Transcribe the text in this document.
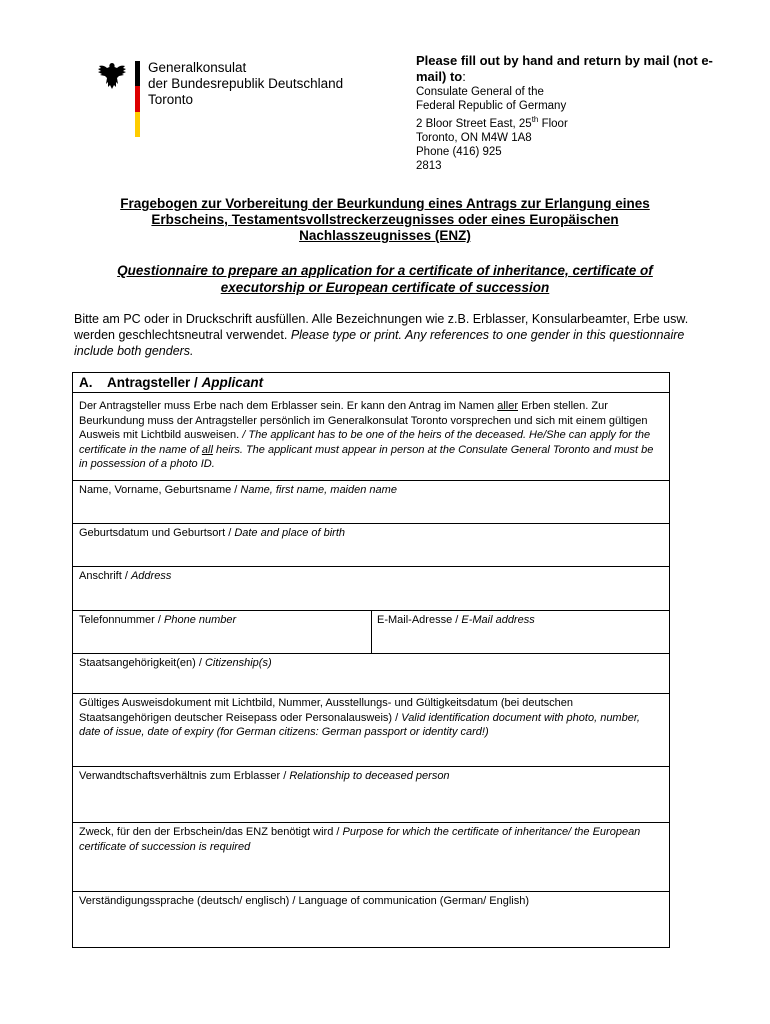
Generalkonsulat
der Bundesrepublik Deutschland
Toronto
Please fill out by hand and return by mail (not e-mail) to:
Consulate General of the
Federal Republic of Germany
2 Bloor Street East, 25th Floor
Toronto, ON M4W 1A8
Phone (416) 925
2813
Fragebogen zur Vorbereitung der Beurkundung eines Antrags zur Erlangung eines
Erbscheins, Testamentsvollstreckerzeugnisses oder eines Europäischen
Nachlasszeugnisses (ENZ)
Questionnaire to prepare an application for a certificate of inheritance, certificate of
executorship or European certificate of succession
Bitte am PC oder in Druckschrift ausfüllen. Alle Bezeichnungen wie z.B. Erblasser, Konsularbeamter, Erbe usw. werden geschlechtsneutral verwendet. Please type or print. Any references to one gender in this questionnaire include both genders.
A. Antragsteller / Applicant
Der Antragsteller muss Erbe nach dem Erblasser sein. Er kann den Antrag im Namen aller Erben stellen. Zur Beurkundung muss der Antragsteller persönlich im Generalkonsulat Toronto vorsprechen und sich mit einem gültigen Ausweis mit Lichtbild ausweisen. / The applicant has to be one of the heirs of the deceased. He/She can apply for the certificate in the name of all heirs. The applicant must appear in person at the Consulate General Toronto and must be in possession of a photo ID.
Name, Vorname, Geburtsname / Name, first name, maiden name
Geburtsdatum und Geburtsort / Date and place of birth
Anschrift / Address
Telefonnummer / Phone number	E-Mail-Adresse / E-Mail address
Staatsangehörigkeit(en) / Citizenship(s)
Gültiges Ausweisdokument mit Lichtbild, Nummer, Ausstellungs- und Gültigkeitsdatum (bei deutschen Staatsangehörigen deutscher Reisepass oder Personalausweis) / Valid identification document with photo, number, date of issue, date of expiry (for German citizens: German passport or identity card!)
Verwandtschaftsverhältnis zum Erblasser / Relationship to deceased person
Zweck, für den der Erbschein/das ENZ benötigt wird / Purpose for which the certificate of inheritance/ the European certificate of succession is required
Verständigungssprache (deutsch/ englisch) / Language of communication (German/ English)
